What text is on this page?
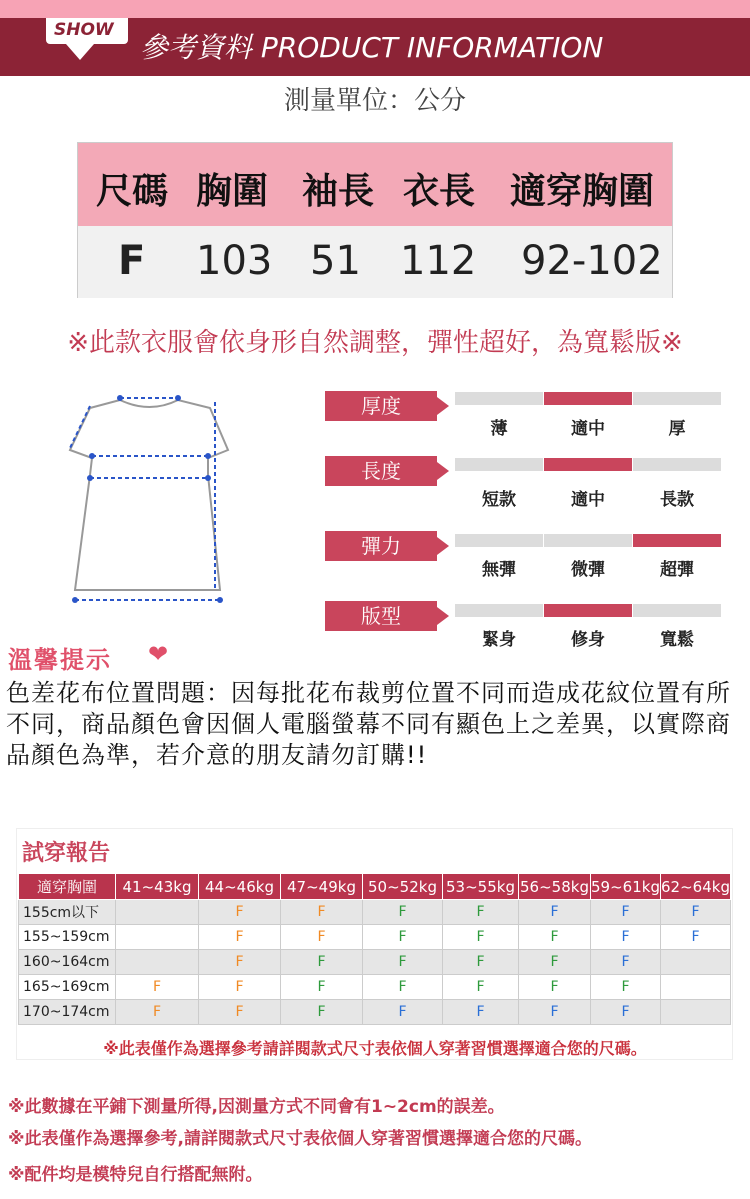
SHOW
參考資料 PRODUCT INFORMATION
測量單位：公分
尺碼 胸圍 袖長 衣長 適穿胸圍
F 103 51 112 92-102
※此款衣服會依身形自然調整，彈性超好，為寬鬆版※
厚度
薄	適中	厚
長度
短款	適中	長款
彈力
無彈	微彈	超彈
版型
緊身	修身	寬鬆
溫馨提示 ❤
色差花布位置問題：因每批花布裁剪位置不同而造成花紋位置有所不同，商品顏色會因個人電腦螢幕不同有顯色上之差異，以實際商品顏色為準，若介意的朋友請勿訂購!!
試穿報告
適穿胸圍	41~43kg	44~46kg	47~49kg	50~52kg	53~55kg	56~58kg	59~61kg	62~64kg
155cm以下		F	F	F	F	F	F	F
155~159cm		F	F	F	F	F	F	F
160~164cm		F	F	F	F	F	F	
165~169cm	F	F	F	F	F	F	F	
170~174cm	F	F	F	F	F	F	F	
※此表僅作為選擇參考請詳閱款式尺寸表依個人穿著習慣選擇適合您的尺碼。
※此數據在平鋪下測量所得,因測量方式不同會有1~2cm的誤差。
※此表僅作為選擇參考,請詳閱款式尺寸表依個人穿著習慣選擇適合您的尺碼。
※配件均是模特兒自行搭配無附。
